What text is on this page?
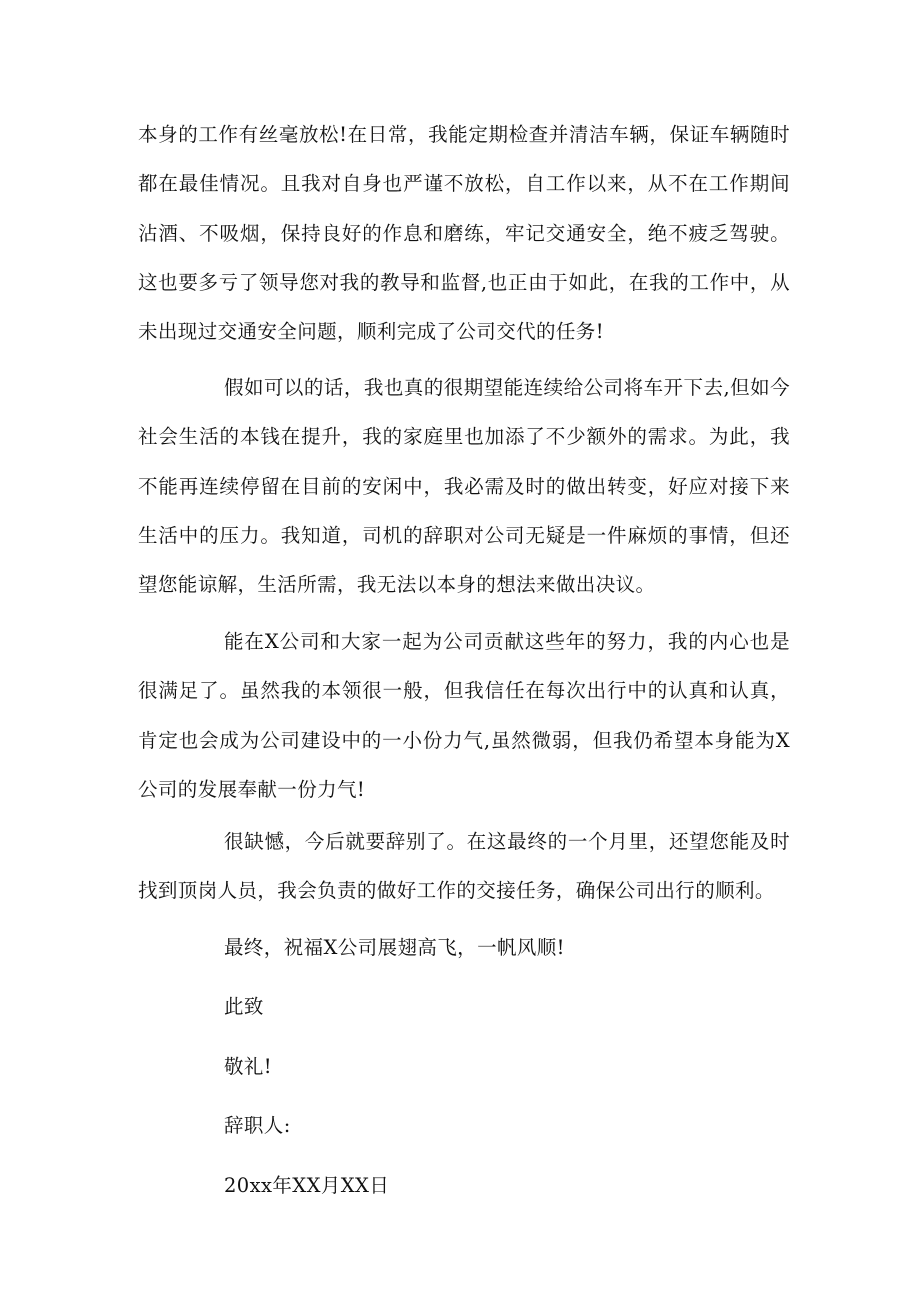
本身的工作有丝毫放松!在日常，我能定期检查并清洁车辆，保证车辆随时都在最佳情况。且我对自身也严谨不放松，自工作以来，从不在工作期间沾酒、不吸烟，保持良好的作息和磨练，牢记交通安全，绝不疲乏驾驶。这也要多亏了领导您对我的教导和监督,也正由于如此，在我的工作中，从未出现过交通安全问题，顺利完成了公司交代的任务!

假如可以的话，我也真的很期望能连续给公司将车开下去,但如今社会生活的本钱在提升，我的家庭里也加添了不少额外的需求。为此，我不能再连续停留在目前的安闲中，我必需及时的做出转变，好应对接下来生活中的压力。我知道，司机的辞职对公司无疑是一件麻烦的事情，但还望您能谅解，生活所需，我无法以本身的想法来做出决议。

能在X公司和大家一起为公司贡献这些年的努力，我的内心也是很满足了。虽然我的本领很一般，但我信任在每次出行中的认真和认真，肯定也会成为公司建设中的一小份力气,虽然微弱，但我仍希望本身能为X公司的发展奉献一份力气!

很缺憾，今后就要辞别了。在这最终的一个月里，还望您能及时找到顶岗人员，我会负责的做好工作的交接任务，确保公司出行的顺利。

最终，祝福X公司展翅高飞，一帆风顺!
此致
敬礼!
辞职人:
20xx年XX月XX日
